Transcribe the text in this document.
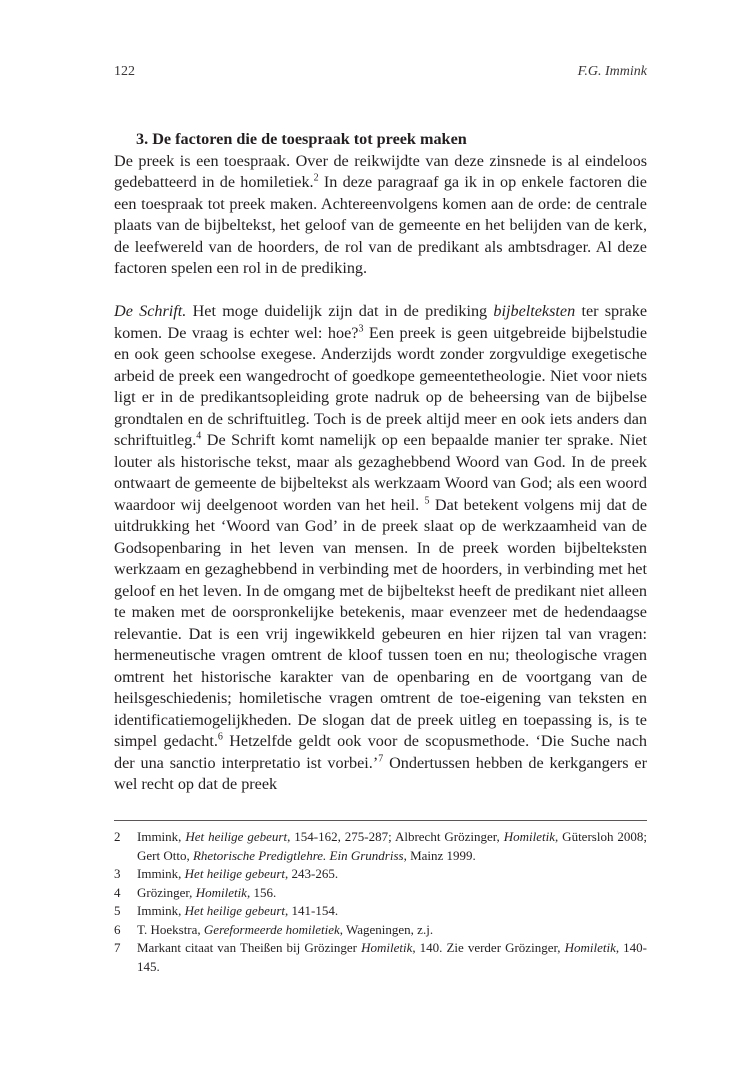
122	F.G. Immink
3. De factoren die de toespraak tot preek maken

De preek is een toespraak. Over de reikwijdte van deze zinsnede is al eindeloos gedebatteerd in de homiletiek.$^2$ In deze paragraaf ga ik in op enkele factoren die een toespraak tot preek maken. Achtereenvolgens komen aan de orde: de centrale plaats van de bijbeltekst, het geloof van de gemeente en het belijden van de kerk, de leefwereld van de hoorders, de rol van de predikant als ambtsdrager. Al deze factoren spelen een rol in de prediking.

De Schrift. Het moge duidelijk zijn dat in de prediking bijbelteksten ter sprake komen. De vraag is echter wel: hoe?$^3$ Een preek is geen uitgebreide bijbelstudie en ook geen schoolse exegese. Anderzijds wordt zonder zorgvuldige exegetische arbeid de preek een wangedrocht of goedkope gemeentetheologie. Niet voor niets ligt er in de predikantsopleiding grote nadruk op de beheersing van de bijbelse grondtalen en de schriftuitleg. Toch is de preek altijd meer en ook iets anders dan schriftuitleg.$^4$ De Schrift komt namelijk op een bepaalde manier ter sprake. Niet louter als historische tekst, maar als gezaghebbend Woord van God. In de preek ontwaart de gemeente de bijbeltekst als werkzaam Woord van God; als een woord waardoor wij deelgenoot worden van het heil. $^5$ Dat betekent volgens mij dat de uitdrukking het ‘Woord van God’ in de preek slaat op de werkzaamheid van de Godsopenbaring in het leven van mensen. In de preek worden bijbelteksten werkzaam en gezaghebbend in verbinding met de hoorders, in verbinding met het geloof en het leven. In de omgang met de bijbeltekst heeft de predikant niet alleen te maken met de oorspronkelijke betekenis, maar evenzeer met de hedendaagse relevantie. Dat is een vrij ingewikkeld gebeuren en hier rijzen tal van vragen: hermeneutische vragen omtrent de kloof tussen toen en nu; theologische vragen omtrent het historische karakter van de openbaring en de voortgang van de heilsgeschiedenis; homiletische vragen omtrent de toe-eigening van teksten en identificatiemogelijkheden. De slogan dat de preek uitleg en toepassing is, is te simpel gedacht.$^6$ Hetzelfde geldt ook voor de scopusmethode. ‘Die Suche nach der una sanctio interpretatio ist vorbei.’$^7$ Ondertussen hebben de kerkgangers er wel recht op dat de preek

2	Immink, Het heilige gebeurt, 154-162, 275-287; Albrecht Grözinger, Homiletik, Gütersloh 2008; Gert Otto, Rhetorische Predigtlehre. Ein Grundriss, Mainz 1999.
3	Immink, Het heilige gebeurt, 243-265.
4	Grözinger, Homiletik, 156.
5	Immink, Het heilige gebeurt, 141-154.
6	T. Hoekstra, Gereformeerde homiletiek, Wageningen, z.j.
7	Markant citaat van Theißen bij Grözinger Homiletik, 140. Zie verder Grözinger, Homiletik, 140-145.
